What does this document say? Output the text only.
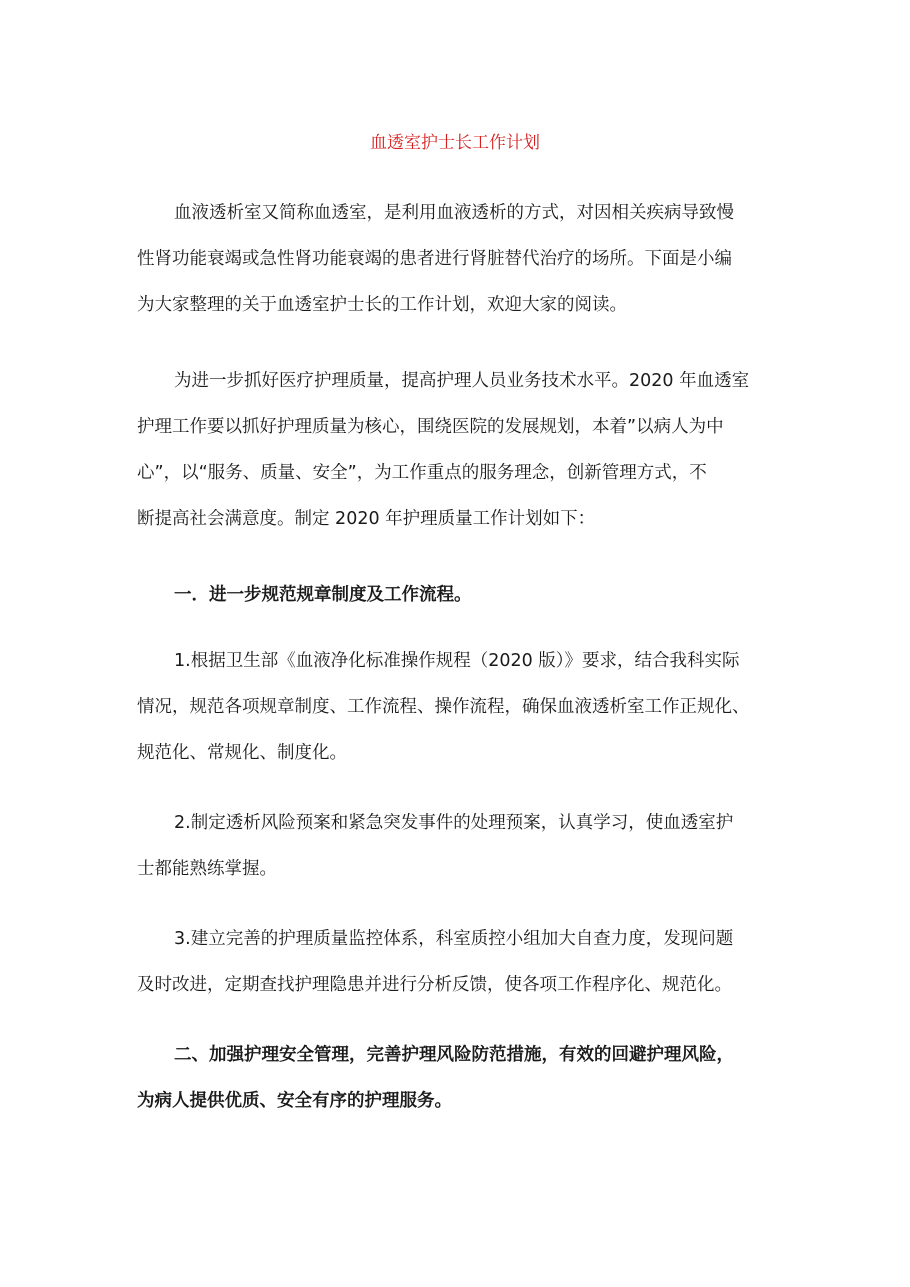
血透室护士长工作计划
血液透析室又简称血透室，是利用血液透析的方式，对因相关疾病导致慢
性肾功能衰竭或急性肾功能衰竭的患者进行肾脏替代治疗的场所。下面是小编
为大家整理的关于血透室护士长的工作计划，欢迎大家的阅读。
为进一步抓好医疗护理质量，提高护理人员业务技术水平。2020 年血透室
护理工作要以抓好护理质量为核心，围绕医院的发展规划，本着”以病人为中
心”，以“服务、质量、安全”，为工作重点的服务理念，创新管理方式，不
断提高社会满意度。制定 2020 年护理质量工作计划如下：
一．进一步规范规章制度及工作流程。
1.根据卫生部《血液净化标准操作规程（2020 版）》要求，结合我科实际
情况，规范各项规章制度、工作流程、操作流程，确保血液透析室工作正规化、
规范化、常规化、制度化。
2.制定透析风险预案和紧急突发事件的处理预案，认真学习，使血透室护
士都能熟练掌握。
3.建立完善的护理质量监控体系，科室质控小组加大自查力度，发现问题
及时改进，定期查找护理隐患并进行分析反馈，使各项工作程序化、规范化。
二、加强护理安全管理，完善护理风险防范措施，有效的回避护理风险，
为病人提供优质、安全有序的护理服务。
